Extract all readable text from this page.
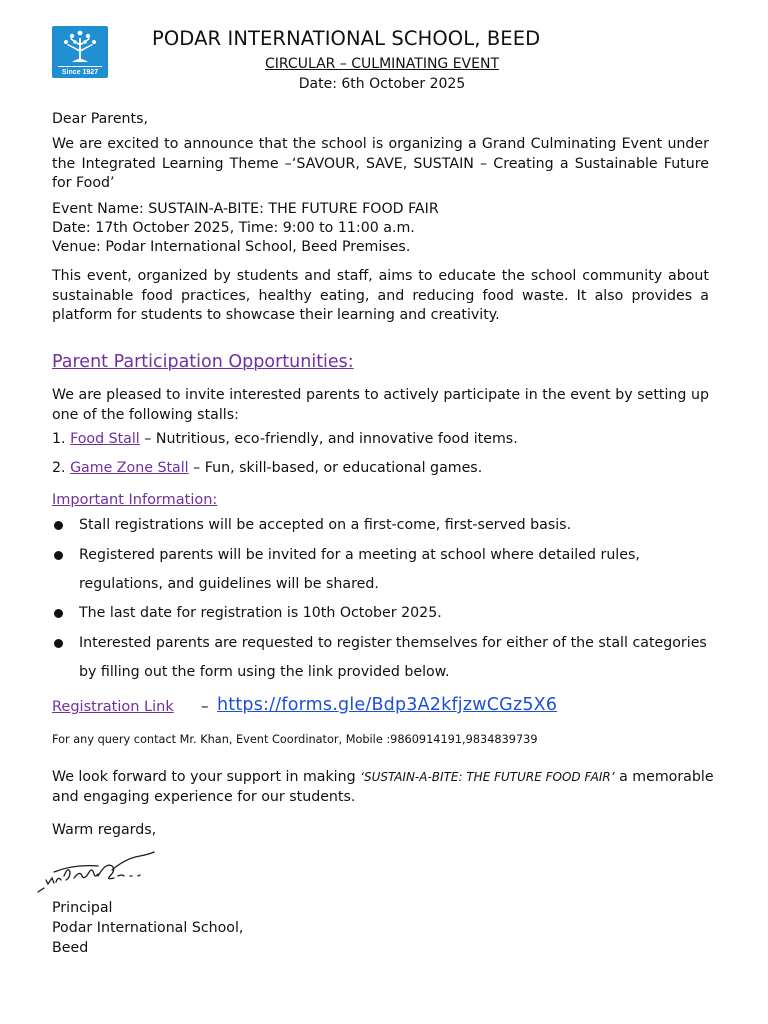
Since 1927
PODAR INTERNATIONAL SCHOOL, BEED
CIRCULAR – CULMINATING EVENT
Date: 6th October 2025
Dear Parents,
We are excited to announce that the school is organizing a Grand Culminating Event under the Integrated Learning Theme –‘SAVOUR, SAVE, SUSTAIN – Creating a Sustainable Future for Food’
Event Name: SUSTAIN-A-BITE: THE FUTURE FOOD FAIR
Date: 17th October 2025, Time: 9:00 to 11:00 a.m.
Venue: Podar International School, Beed Premises.
This event, organized by students and staff, aims to educate the school community about sustainable food practices, healthy eating, and reducing food waste. It also provides a platform for students to showcase their learning and creativity.
Parent Participation Opportunities:
We are pleased to invite interested parents to actively participate in the event by setting up one of the following stalls:
1. Food Stall – Nutritious, eco-friendly, and innovative food items.
2. Game Zone Stall – Fun, skill-based, or educational games.
Important Information:
Stall registrations will be accepted on a first-come, first-served basis.
Registered parents will be invited for a meeting at school where detailed rules, regulations, and guidelines will be shared.
The last date for registration is 10th October 2025.
Interested parents are requested to register themselves for either of the stall categories by filling out the form using the link provided below.
Registration Link – https://forms.gle/Bdp3A2kfjzwCGz5X6
For any query contact Mr. Khan, Event Coordinator, Mobile :9860914191,9834839739
We look forward to your support in making ‘SUSTAIN-A-BITE: THE FUTURE FOOD FAIR’ a memorable and engaging experience for our students.
Warm regards,
Principal
Podar International School,
Beed
